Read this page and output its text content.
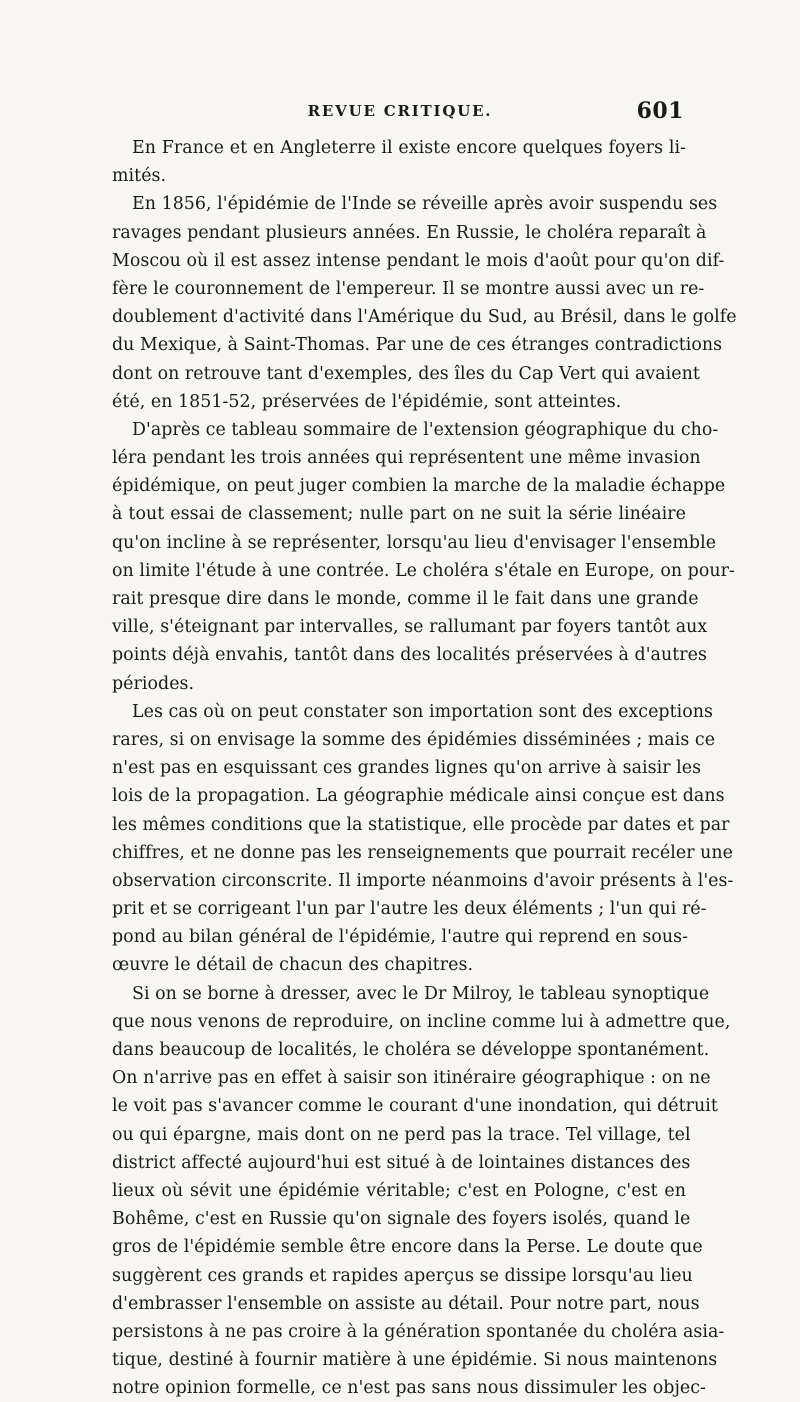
REVUE CRITIQUE.	601
En France et en Angleterre il existe encore quelques foyers li-
mités.
En 1856, l'épidémie de l'Inde se réveille après avoir suspendu ses
ravages pendant plusieurs années. En Russie, le choléra reparaît à
Moscou où il est assez intense pendant le mois d'août pour qu'on dif-
fère le couronnement de l'empereur. Il se montre aussi avec un re-
doublement d'activité dans l'Amérique du Sud, au Brésil, dans le golfe
du Mexique, à Saint-Thomas. Par une de ces étranges contradictions
dont on retrouve tant d'exemples, des îles du Cap Vert qui avaient
été, en 1851-52, préservées de l'épidémie, sont atteintes.
D'après ce tableau sommaire de l'extension géographique du cho-
léra pendant les trois années qui représentent une même invasion
épidémique, on peut juger combien la marche de la maladie échappe
à tout essai de classement; nulle part on ne suit la série linéaire
qu'on incline à se représenter, lorsqu'au lieu d'envisager l'ensemble
on limite l'étude à une contrée. Le choléra s'étale en Europe, on pour-
rait presque dire dans le monde, comme il le fait dans une grande
ville, s'éteignant par intervalles, se rallumant par foyers tantôt aux
points déjà envahis, tantôt dans des localités préservées à d'autres
périodes.
Les cas où on peut constater son importation sont des exceptions
rares, si on envisage la somme des épidémies disséminées ; mais ce
n'est pas en esquissant ces grandes lignes qu'on arrive à saisir les
lois de la propagation. La géographie médicale ainsi conçue est dans
les mêmes conditions que la statistique, elle procède par dates et par
chiffres, et ne donne pas les renseignements que pourrait recéler une
observation circonscrite. Il importe néanmoins d'avoir présents à l'es-
prit et se corrigeant l'un par l'autre les deux éléments ; l'un qui ré-
pond au bilan général de l'épidémie, l'autre qui reprend en sous-
œuvre le détail de chacun des chapitres.
Si on se borne à dresser, avec le Dr Milroy, le tableau synoptique
que nous venons de reproduire, on incline comme lui à admettre que,
dans beaucoup de localités, le choléra se développe spontanément.
On n'arrive pas en effet à saisir son itinéraire géographique : on ne
le voit pas s'avancer comme le courant d'une inondation, qui détruit
ou qui épargne, mais dont on ne perd pas la trace. Tel village, tel
district affecté aujourd'hui est situé à de lointaines distances des
lieux où sévit une épidémie véritable; c'est en Pologne, c'est en
Bohême, c'est en Russie qu'on signale des foyers isolés, quand le
gros de l'épidémie semble être encore dans la Perse. Le doute que
suggèrent ces grands et rapides aperçus se dissipe lorsqu'au lieu
d'embrasser l'ensemble on assiste au détail. Pour notre part, nous
persistons à ne pas croire à la génération spontanée du choléra asia-
tique, destiné à fournir matière à une épidémie. Si nous maintenons
notre opinion formelle, ce n'est pas sans nous dissimuler les objec-
